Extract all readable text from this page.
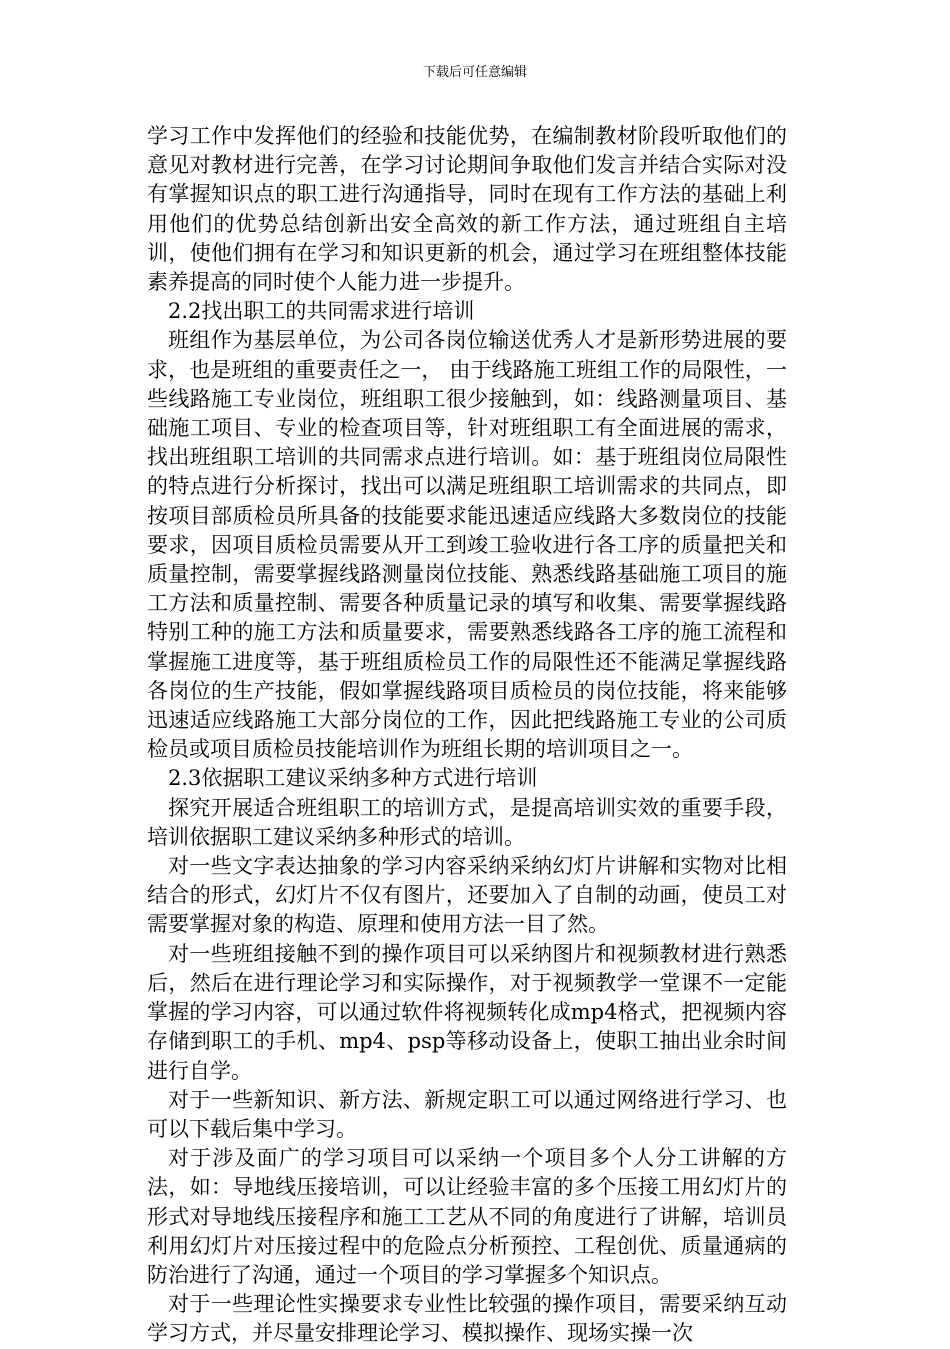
下载后可任意编辑

学习工作中发挥他们的经验和技能优势，在编制教材阶段听取他们的意见对教材进行完善，在学习讨论期间争取他们发言并结合实际对没有掌握知识点的职工进行沟通指导，同时在现有工作方法的基础上利用他们的优势总结创新出安全高效的新工作方法，通过班组自主培训，使他们拥有在学习和知识更新的机会，通过学习在班组整体技能素养提高的同时使个人能力进一步提升。

2.2找出职工的共同需求进行培训

班组作为基层单位，为公司各岗位输送优秀人才是新形势进展的要求，也是班组的重要责任之一， 由于线路施工班组工作的局限性，一些线路施工专业岗位，班组职工很少接触到，如：线路测量项目、基础施工项目、专业的检查项目等，针对班组职工有全面进展的需求，找出班组职工培训的共同需求点进行培训。如：基于班组岗位局限性的特点进行分析探讨，找出可以满足班组职工培训需求的共同点，即按项目部质检员所具备的技能要求能迅速适应线路大多数岗位的技能要求，因项目质检员需要从开工到竣工验收进行各工序的质量把关和质量控制，需要掌握线路测量岗位技能、熟悉线路基础施工项目的施工方法和质量控制、需要各种质量记录的填写和收集、需要掌握线路特别工种的施工方法和质量要求，需要熟悉线路各工序的施工流程和掌握施工进度等，基于班组质检员工作的局限性还不能满足掌握线路各岗位的生产技能，假如掌握线路项目质检员的岗位技能，将来能够迅速适应线路施工大部分岗位的工作，因此把线路施工专业的公司质检员或项目质检员技能培训作为班组长期的培训项目之一。

2.3依据职工建议采纳多种方式进行培训

探究开展适合班组职工的培训方式，是提高培训实效的重要手段，培训依据职工建议采纳多种形式的培训。

对一些文字表达抽象的学习内容采纳采纳幻灯片讲解和实物对比相结合的形式，幻灯片不仅有图片，还要加入了自制的动画，使员工对需要掌握对象的构造、原理和使用方法一目了然。

对一些班组接触不到的操作项目可以采纳图片和视频教材进行熟悉后，然后在进行理论学习和实际操作，对于视频教学一堂课不一定能掌握的学习内容，可以通过软件将视频转化成mp4格式，把视频内容存储到职工的手机、mp4、psp等移动设备上，使职工抽出业余时间进行自学。

对于一些新知识、新方法、新规定职工可以通过网络进行学习、也可以下载后集中学习。

对于涉及面广的学习项目可以采纳一个项目多个人分工讲解的方法，如：导地线压接培训，可以让经验丰富的多个压接工用幻灯片的形式对导地线压接程序和施工工艺从不同的角度进行了讲解，培训员利用幻灯片对压接过程中的危险点分析预控、工程创优、质量通病的防治进行了沟通，通过一个项目的学习掌握多个知识点。

对于一些理论性实操要求专业性比较强的操作项目，需要采纳互动学习方式，并尽量安排理论学习、模拟操作、现场实操一次
